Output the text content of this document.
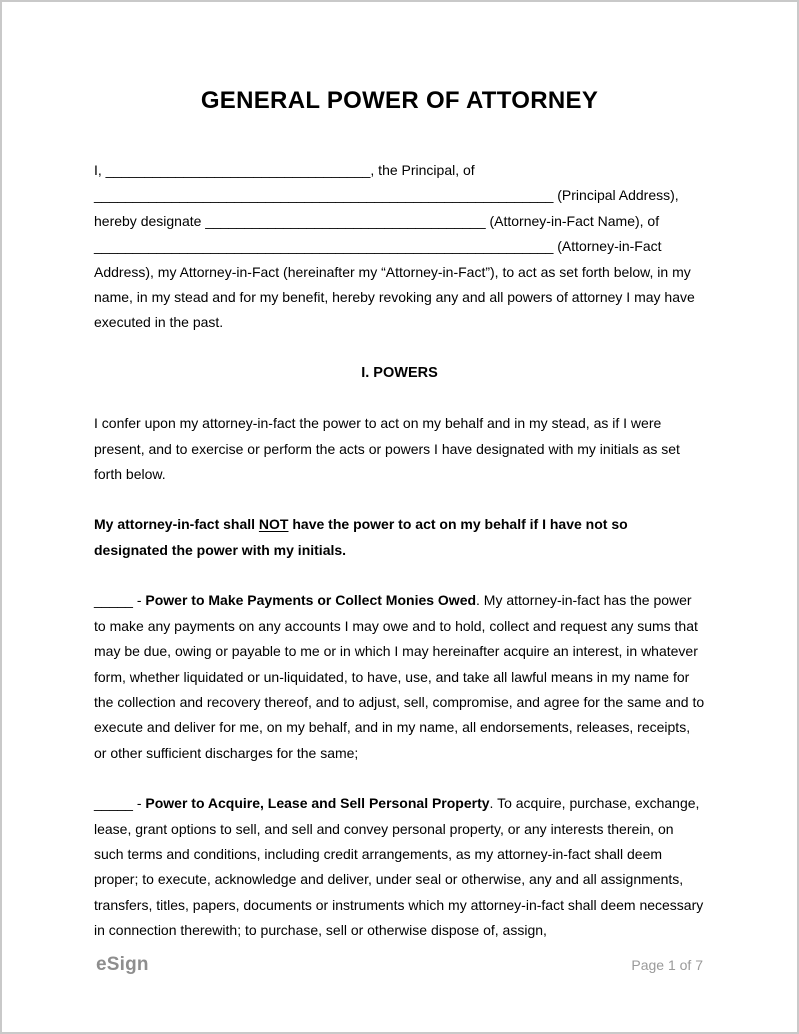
GENERAL POWER OF ATTORNEY

I, __________________________________, the Principal, of ___________________________________________________________ (Principal Address), hereby designate ____________________________________ (Attorney-in-Fact Name), of ___________________________________________________________ (Attorney-in-Fact Address), my Attorney-in-Fact (hereinafter my “Attorney-in-Fact”), to act as set forth below, in my name, in my stead and for my benefit, hereby revoking any and all powers of attorney I may have executed in the past.

I. POWERS

I confer upon my attorney-in-fact the power to act on my behalf and in my stead, as if I were present, and to exercise or perform the acts or powers I have designated with my initials as set forth below.

My attorney-in-fact shall NOT have the power to act on my behalf if I have not so designated the power with my initials.

_____ - Power to Make Payments or Collect Monies Owed. My attorney-in-fact has the power to make any payments on any accounts I may owe and to hold, collect and request any sums that may be due, owing or payable to me or in which I may hereinafter acquire an interest, in whatever form, whether liquidated or un-liquidated, to have, use, and take all lawful means in my name for the collection and recovery thereof, and to adjust, sell, compromise, and agree for the same and to execute and deliver for me, on my behalf, and in my name, all endorsements, releases, receipts, or other sufficient discharges for the same;

_____ - Power to Acquire, Lease and Sell Personal Property. To acquire, purchase, exchange, lease, grant options to sell, and sell and convey personal property, or any interests therein, on such terms and conditions, including credit arrangements, as my attorney-in-fact shall deem proper; to execute, acknowledge and deliver, under seal or otherwise, any and all assignments, transfers, titles, papers, documents or instruments which my attorney-in-fact shall deem necessary in connection therewith; to purchase, sell or otherwise dispose of, assign,

eSign	Page 1 of 7
